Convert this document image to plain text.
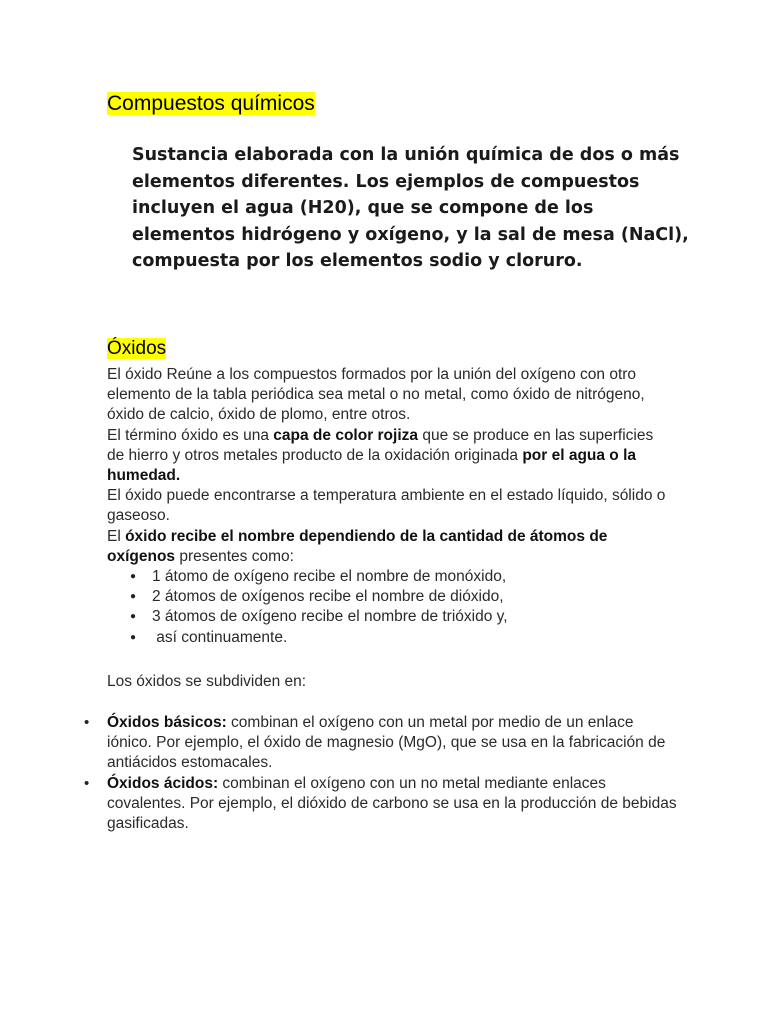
Compuestos químicos

Sustancia elaborada con la unión química de dos o más elementos diferentes. Los ejemplos de compuestos incluyen el agua (H20), que se compone de los elementos hidrógeno y oxígeno, y la sal de mesa (NaCl), compuesta por los elementos sodio y cloruro.

Óxidos

El óxido Reúne a los compuestos formados por la unión del oxígeno con otro elemento de la tabla periódica sea metal o no metal, como óxido de nitrógeno, óxido de calcio, óxido de plomo, entre otros.

El término óxido es una capa de color rojiza que se produce en las superficies de hierro y otros metales producto de la oxidación originada por el agua o la humedad.

El óxido puede encontrarse a temperatura ambiente en el estado líquido, sólido o gaseoso.

El óxido recibe el nombre dependiendo de la cantidad de átomos de oxígenos presentes como:

● 1 átomo de oxígeno recibe el nombre de monóxido,
● 2 átomos de oxígenos recibe el nombre de dióxido,
● 3 átomos de oxígeno recibe el nombre de trióxido y,
●  así continuamente.

Los óxidos se subdividen en:

• Óxidos básicos: combinan el oxígeno con un metal por medio de un enlace iónico. Por ejemplo, el óxido de magnesio (MgO), que se usa en la fabricación de antiácidos estomacales.
• Óxidos ácidos: combinan el oxígeno con un no metal mediante enlaces covalentes. Por ejemplo, el dióxido de carbono se usa en la producción de bebidas gasificadas.
